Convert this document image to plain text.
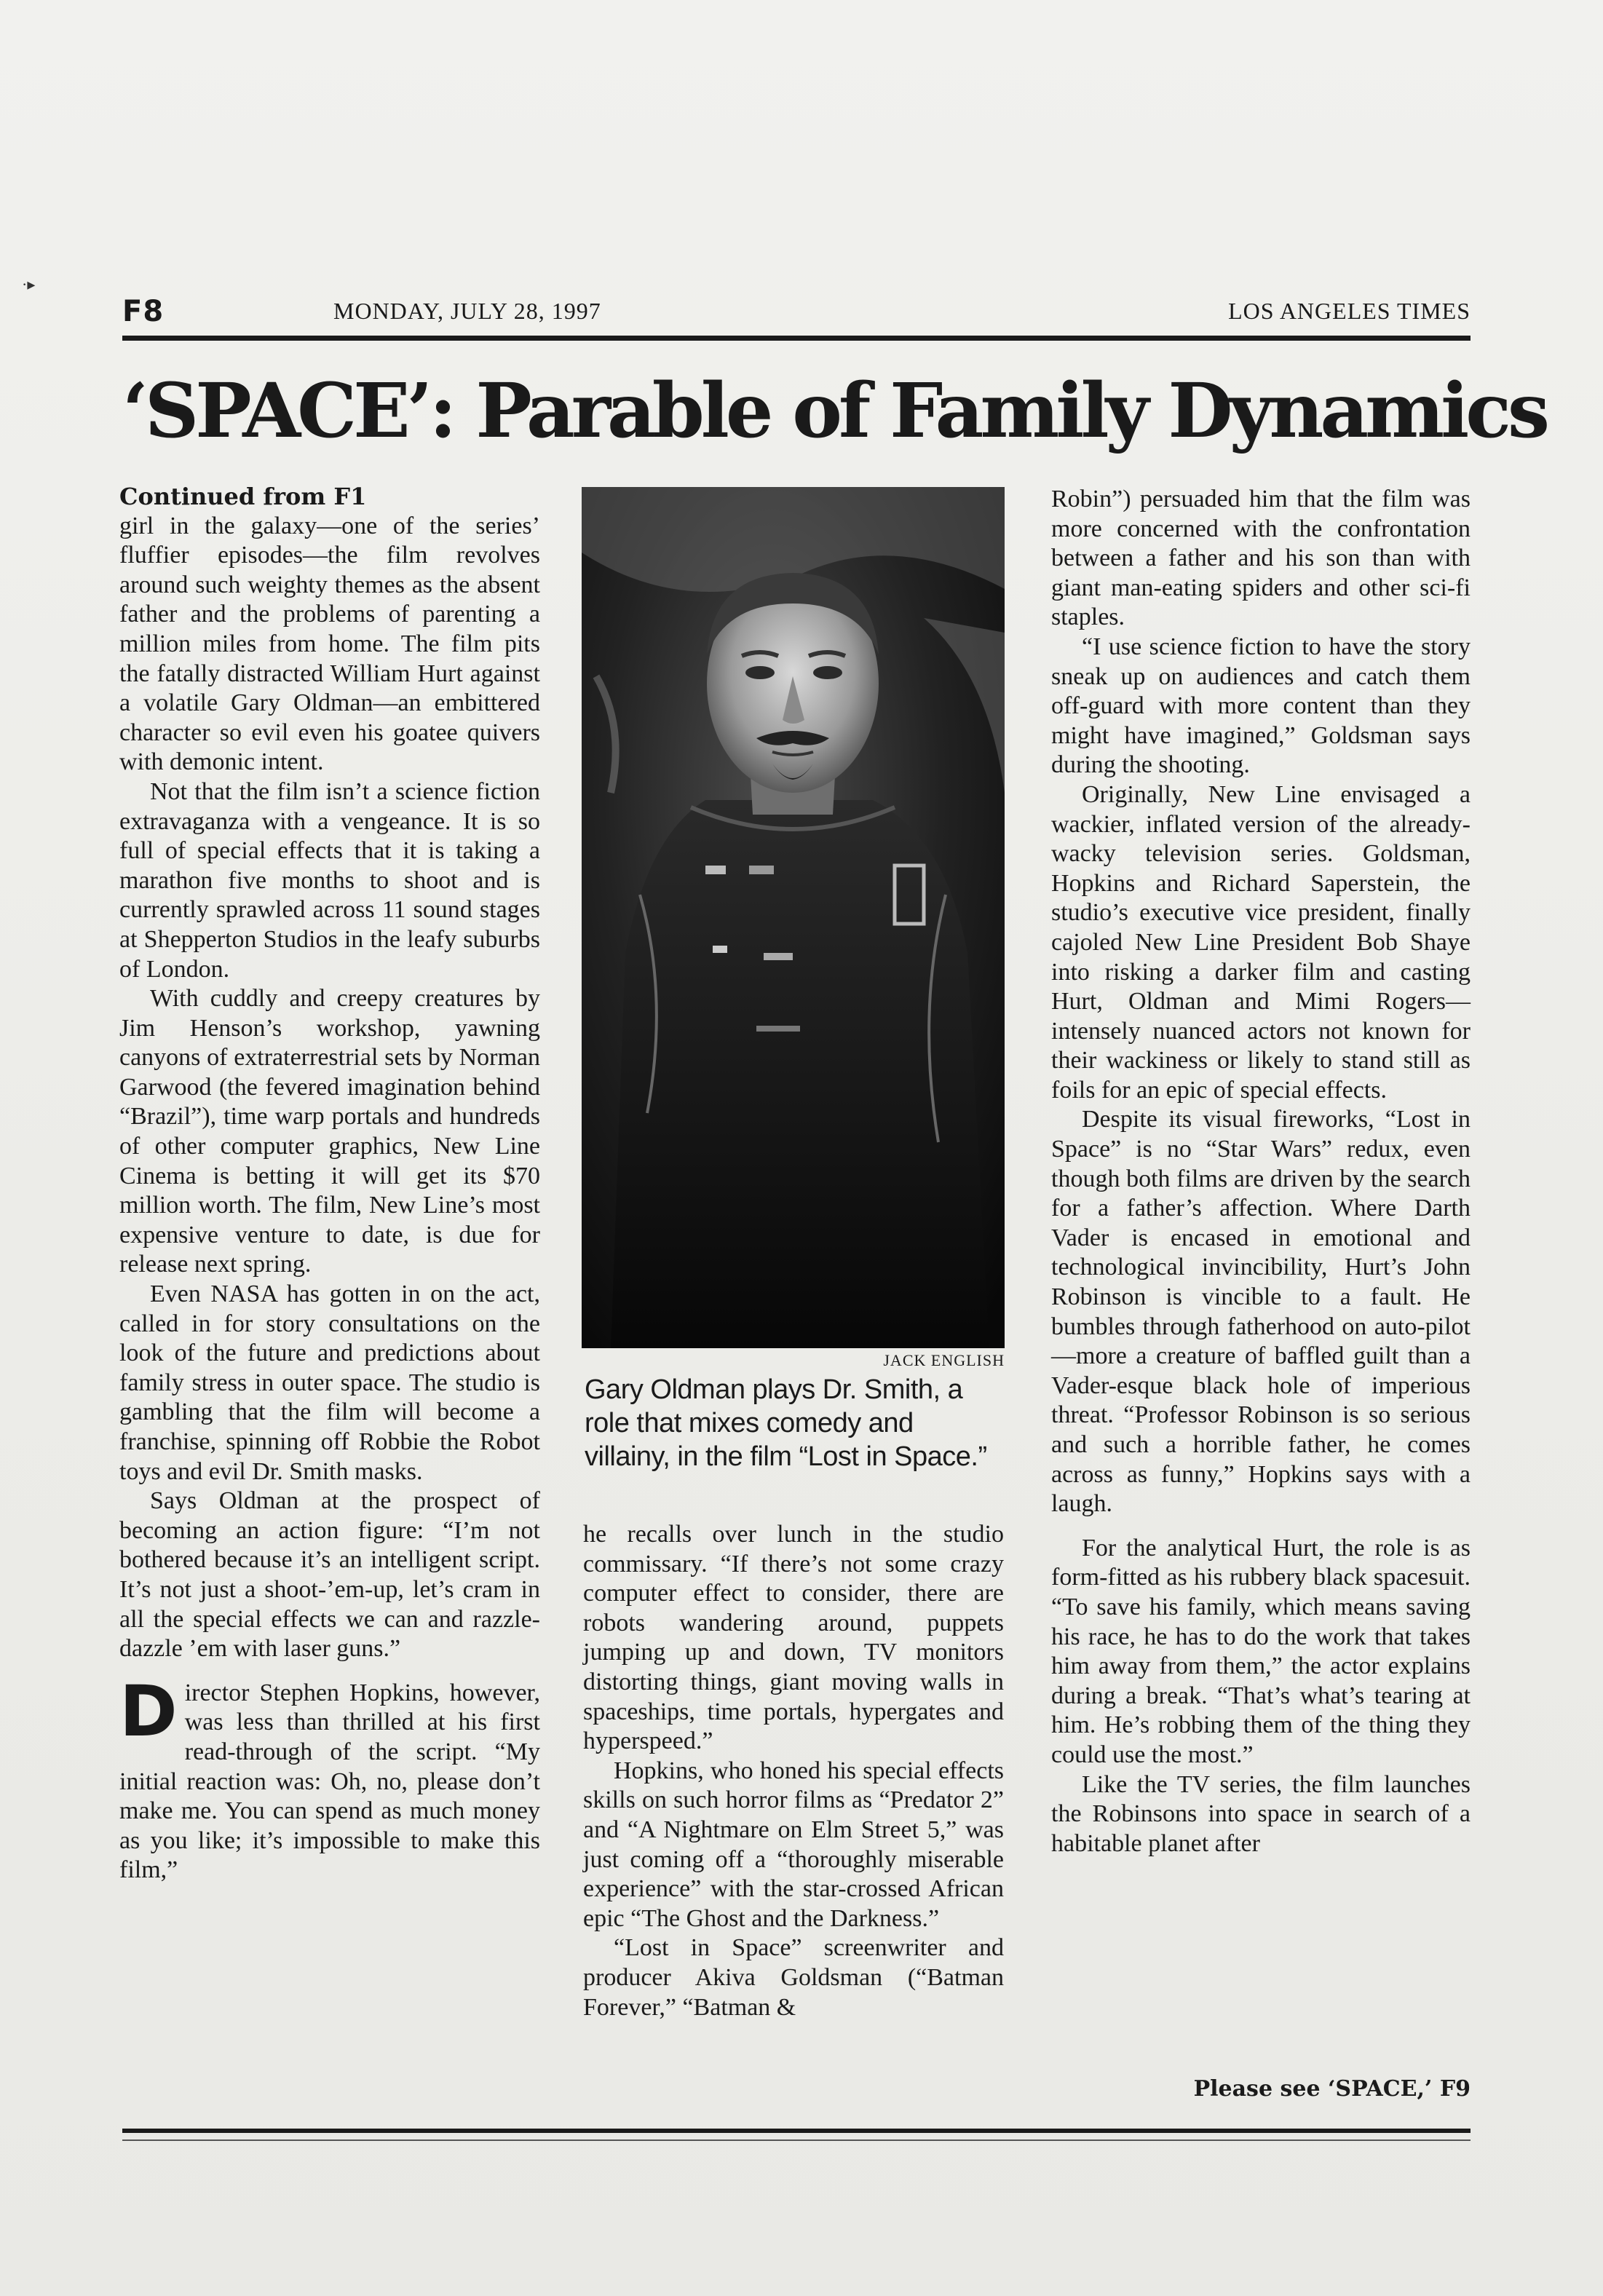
·▸
F8	MONDAY, JULY 28, 1997	LOS ANGELES TIMES
‘SPACE’: Parable of Family Dynamics

Continued from F1

girl in the galaxy—one of the series’ fluffier episodes—the film revolves around such weighty themes as the absent father and the problems of parenting a million miles from home. The film pits the fatally distracted William Hurt against a volatile Gary Oldman—an embittered character so evil even his goatee quivers with demonic intent.

Not that the film isn’t a science fiction extravaganza with a vengeance. It is so full of special effects that it is taking a marathon five months to shoot and is currently sprawled across 11 sound stages at Shepperton Studios in the leafy suburbs of London.

With cuddly and creepy creatures by Jim Henson’s workshop, yawning canyons of extraterrestrial sets by Norman Garwood (the fevered imagination behind “Brazil”), time warp portals and hundreds of other computer graphics, New Line Cinema is betting it will get its $70 million worth. The film, New Line’s most expensive venture to date, is due for release next spring.

Even NASA has gotten in on the act, called in for story consultations on the look of the future and predictions about family stress in outer space. The studio is gambling that the film will become a franchise, spinning off Robbie the Robot toys and evil Dr. Smith masks.

Says Oldman at the prospect of becoming an action figure: “I’m not bothered because it’s an intelligent script. It’s not just a shoot-’em-up, let’s cram in all the special effects we can and razzle-dazzle ’em with laser guns.”

Director Stephen Hopkins, however, was less than thrilled at his first read-through of the script. “My initial reaction was: Oh, no, please don’t make me. You can spend as much money as you like; it’s impossible to make this film,”

JACK ENGLISH
Gary Oldman plays Dr. Smith, a role that mixes comedy and villainy, in the film “Lost in Space.”

he recalls over lunch in the studio commissary. “If there’s not some crazy computer effect to consider, there are robots wandering around, puppets jumping up and down, TV monitors distorting things, giant moving walls in spaceships, time portals, hypergates and hyperspeed.”

Hopkins, who honed his special effects skills on such horror films as “Predator 2” and “A Nightmare on Elm Street 5,” was just coming off a “thoroughly miserable experience” with the star-crossed African epic “The Ghost and the Darkness.”

“Lost in Space” screenwriter and producer Akiva Goldsman (“Batman Forever,” “Batman &

Robin”) persuaded him that the film was more concerned with the confrontation between a father and his son than with giant man-eating spiders and other sci-fi staples.

“I use science fiction to have the story sneak up on audiences and catch them off-guard with more content than they might have imagined,” Goldsman says during the shooting.

Originally, New Line envisaged a wackier, inflated version of the already-wacky television series. Goldsman, Hopkins and Richard Saperstein, the studio’s executive vice president, finally cajoled New Line President Bob Shaye into risking a darker film and casting Hurt, Oldman and Mimi Rogers—intensely nuanced actors not known for their wackiness or likely to stand still as foils for an epic of special effects.

Despite its visual fireworks, “Lost in Space” is no “Star Wars” redux, even though both films are driven by the search for a father’s affection. Where Darth Vader is encased in emotional and technological invincibility, Hurt’s John Robinson is vincible to a fault. He bumbles through fatherhood on auto-pilot—more a creature of baffled guilt than a Vader-esque black hole of imperious threat. “Professor Robinson is so serious and such a horrible father, he comes across as funny,” Hopkins says with a laugh.

For the analytical Hurt, the role is as form-fitted as his rubbery black spacesuit. “To save his family, which means saving his race, he has to do the work that takes him away from them,” the actor explains during a break. “That’s what’s tearing at him. He’s robbing them of the thing they could use the most.”

Like the TV series, the film launches the Robinsons into space in search of a habitable planet after

Please see ‘SPACE,’ F9
